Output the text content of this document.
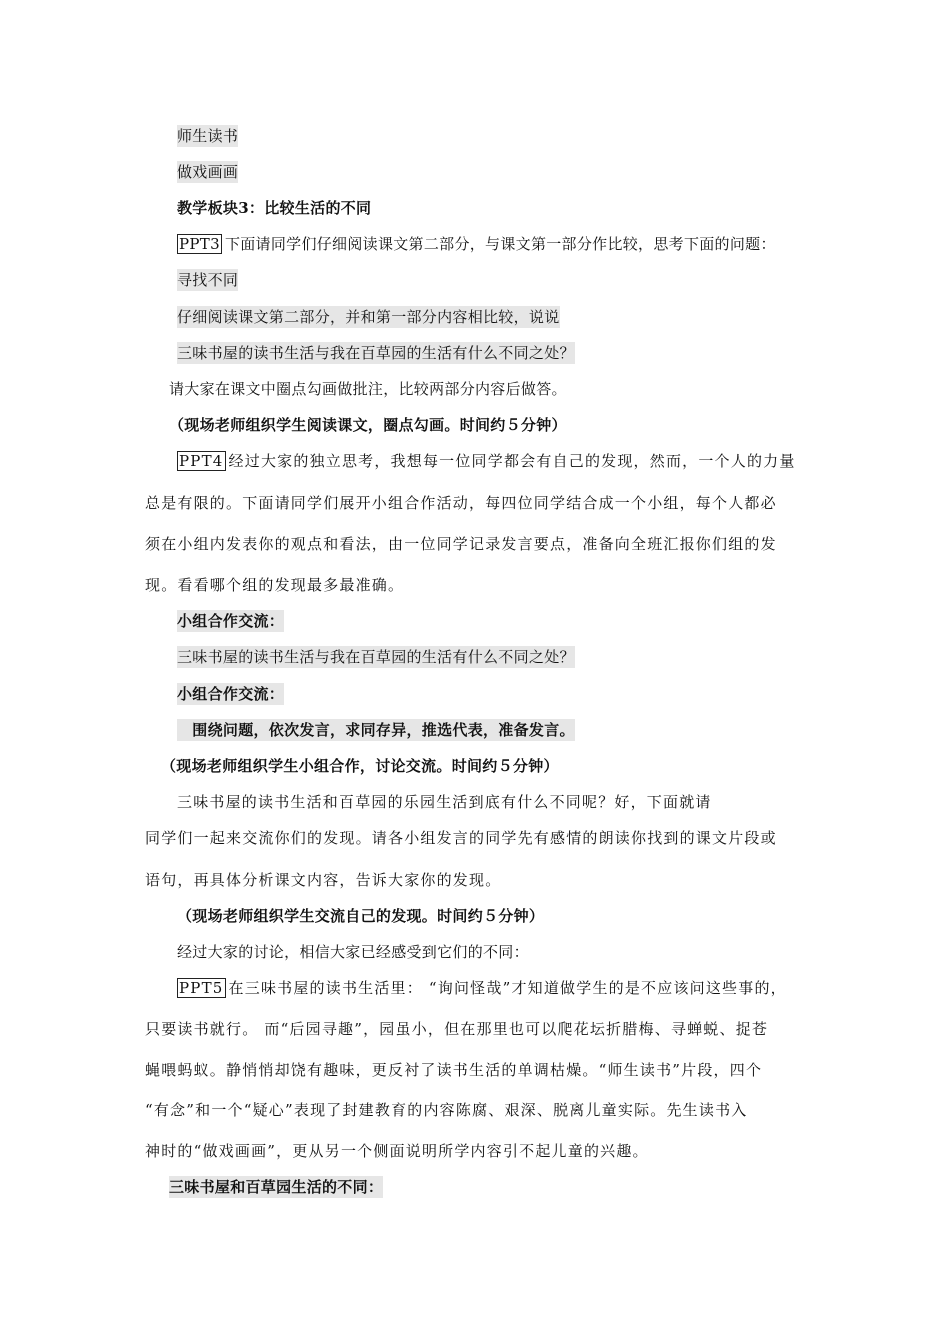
师生读书
做戏画画
教学板块3：比较生活的不同
PPT3 下面请同学们仔细阅读课文第二部分，与课文第一部分作比较，思考下面的问题：
寻找不同
仔细阅读课文第二部分，并和第一部分内容相比较，说说
三味书屋的读书生活与我在百草园的生活有什么不同之处？
请大家在课文中圈点勾画做批注，比较两部分内容后做答。
（现场老师组织学生阅读课文，圈点勾画。时间约５分钟）
PPT4 经过大家的独立思考，我想每一位同学都会有自己的发现，然而，一个人的力量
总是有限的。下面请同学们展开小组合作活动，每四位同学结合成一个小组，每个人都必
须在小组内发表你的观点和看法，由一位同学记录发言要点，准备向全班汇报你们组的发
现。看看哪个组的发现最多最准确。
小组合作交流：
三味书屋的读书生活与我在百草园的生活有什么不同之处？
小组合作交流：
　围绕问题，依次发言，求同存异，推选代表，准备发言。
（现场老师组织学生小组合作，讨论交流。时间约５分钟）
三味书屋的读书生活和百草园的乐园生活到底有什么不同呢？好，下面就请
同学们一起来交流你们的发现。请各小组发言的同学先有感情的朗读你找到的课文片段或
语句，再具体分析课文内容，告诉大家你的发现。
（现场老师组织学生交流自己的发现。时间约５分钟）
经过大家的讨论，相信大家已经感受到它们的不同：
PPT5 在三味书屋的读书生活里： “询问怪哉”才知道做学生的是不应该问这些事的，
只要读书就行。 而“后园寻趣”，园虽小，但在那里也可以爬花坛折腊梅、寻蝉蜕、捉苍
蝇喂蚂蚁。静悄悄却饶有趣味，更反衬了读书生活的单调枯燥。“师生读书”片段，四个
“有念”和一个“疑心”表现了封建教育的内容陈腐、艰深、脱离儿童实际。先生读书入
神时的“做戏画画”，更从另一个侧面说明所学内容引不起儿童的兴趣。
三味书屋和百草园生活的不同：
